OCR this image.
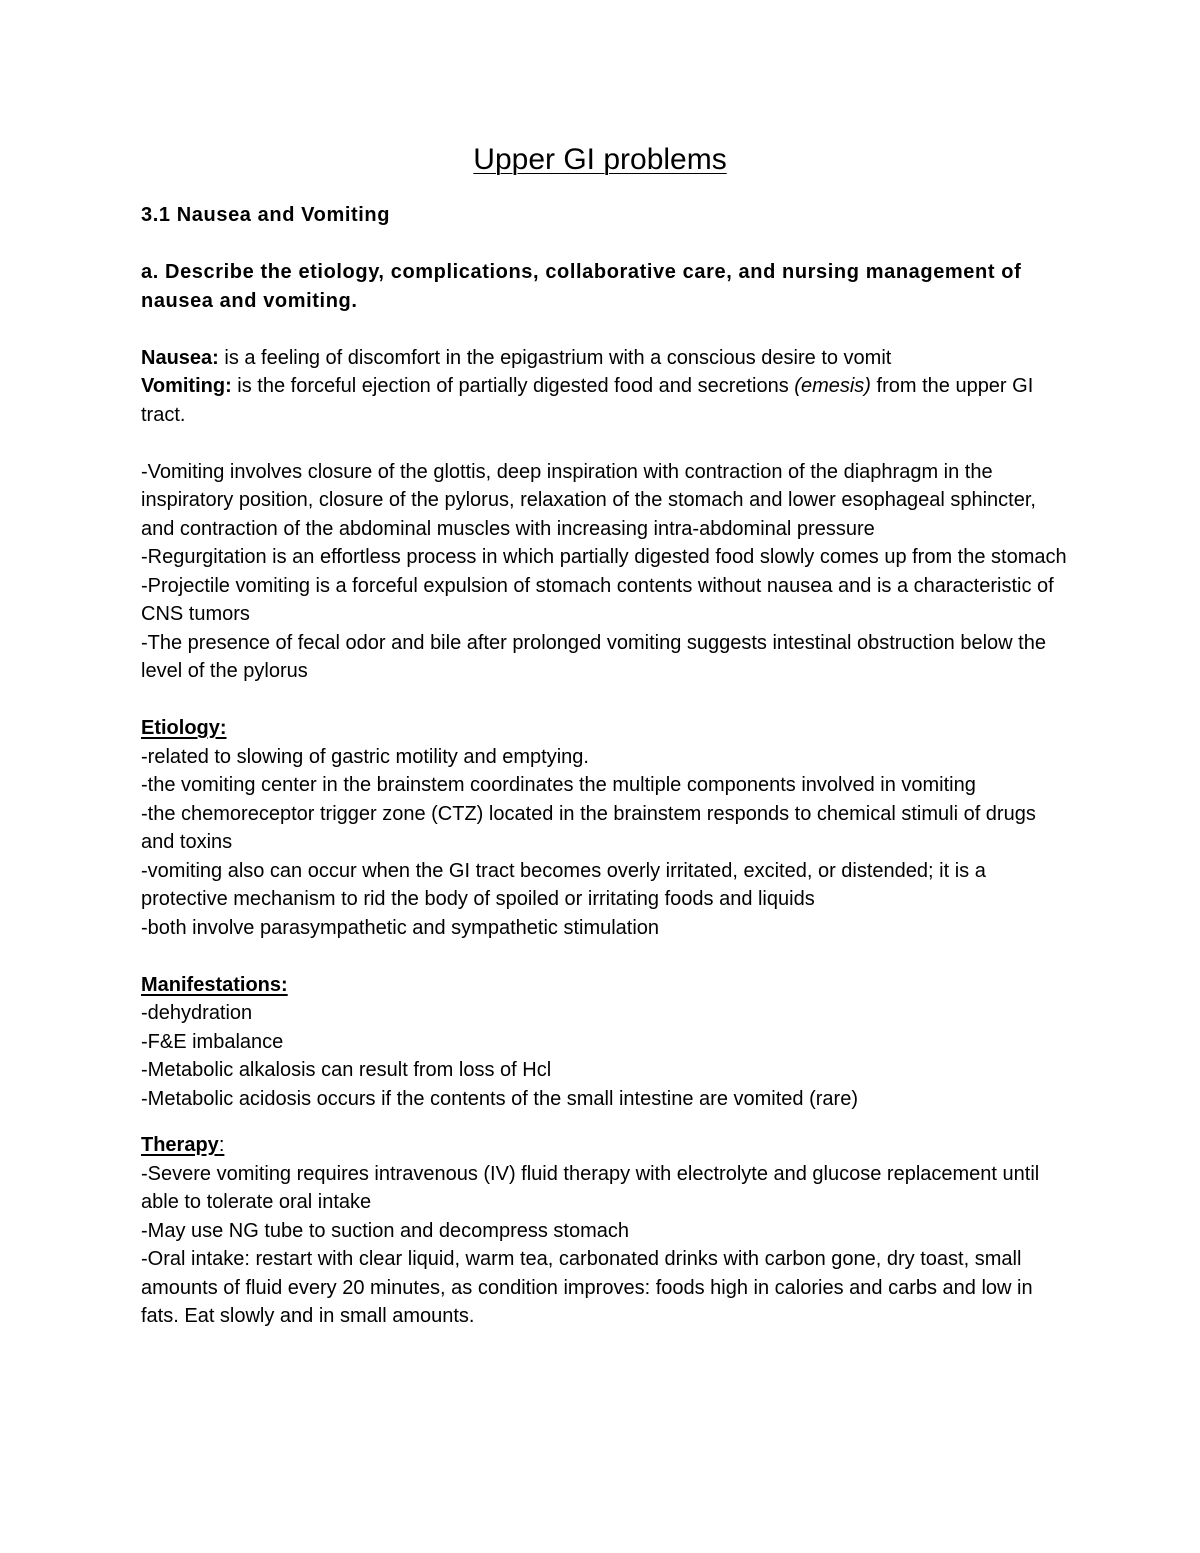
Upper GI problems

3.1 Nausea and Vomiting

a. Describe the etiology, complications, collaborative care, and nursing management of nausea and vomiting.

Nausea: is a feeling of discomfort in the epigastrium with a conscious desire to vomit

Vomiting: is the forceful ejection of partially digested food and secretions (emesis) from the upper GI tract.

-Vomiting involves closure of the glottis, deep inspiration with contraction of the diaphragm in the inspiratory position, closure of the pylorus, relaxation of the stomach and lower esophageal sphincter, and contraction of the abdominal muscles with increasing intra-abdominal pressure

-Regurgitation is an effortless process in which partially digested food slowly comes up from the stomach

-Projectile vomiting is a forceful expulsion of stomach contents without nausea and is a characteristic of CNS tumors

-The presence of fecal odor and bile after prolonged vomiting suggests intestinal obstruction below the level of the pylorus

Etiology:

-related to slowing of gastric motility and emptying.

-the vomiting center in the brainstem coordinates the multiple components involved in vomiting

-the chemoreceptor trigger zone (CTZ) located in the brainstem responds to chemical stimuli of drugs and toxins

-vomiting also can occur when the GI tract becomes overly irritated, excited, or distended; it is a protective mechanism to rid the body of spoiled or irritating foods and liquids

-both involve parasympathetic and sympathetic stimulation

Manifestations:

-dehydration

-F&E imbalance

-Metabolic alkalosis can result from loss of Hcl

-Metabolic acidosis occurs if the contents of the small intestine are vomited (rare)

Therapy:

-Severe vomiting requires intravenous (IV) fluid therapy with electrolyte and glucose replacement until able to tolerate oral intake

-May use NG tube to suction and decompress stomach

-Oral intake: restart with clear liquid, warm tea, carbonated drinks with carbon gone, dry toast, small amounts of fluid every 20 minutes, as condition improves: foods high in calories and carbs and low in fats. Eat slowly and in small amounts.
